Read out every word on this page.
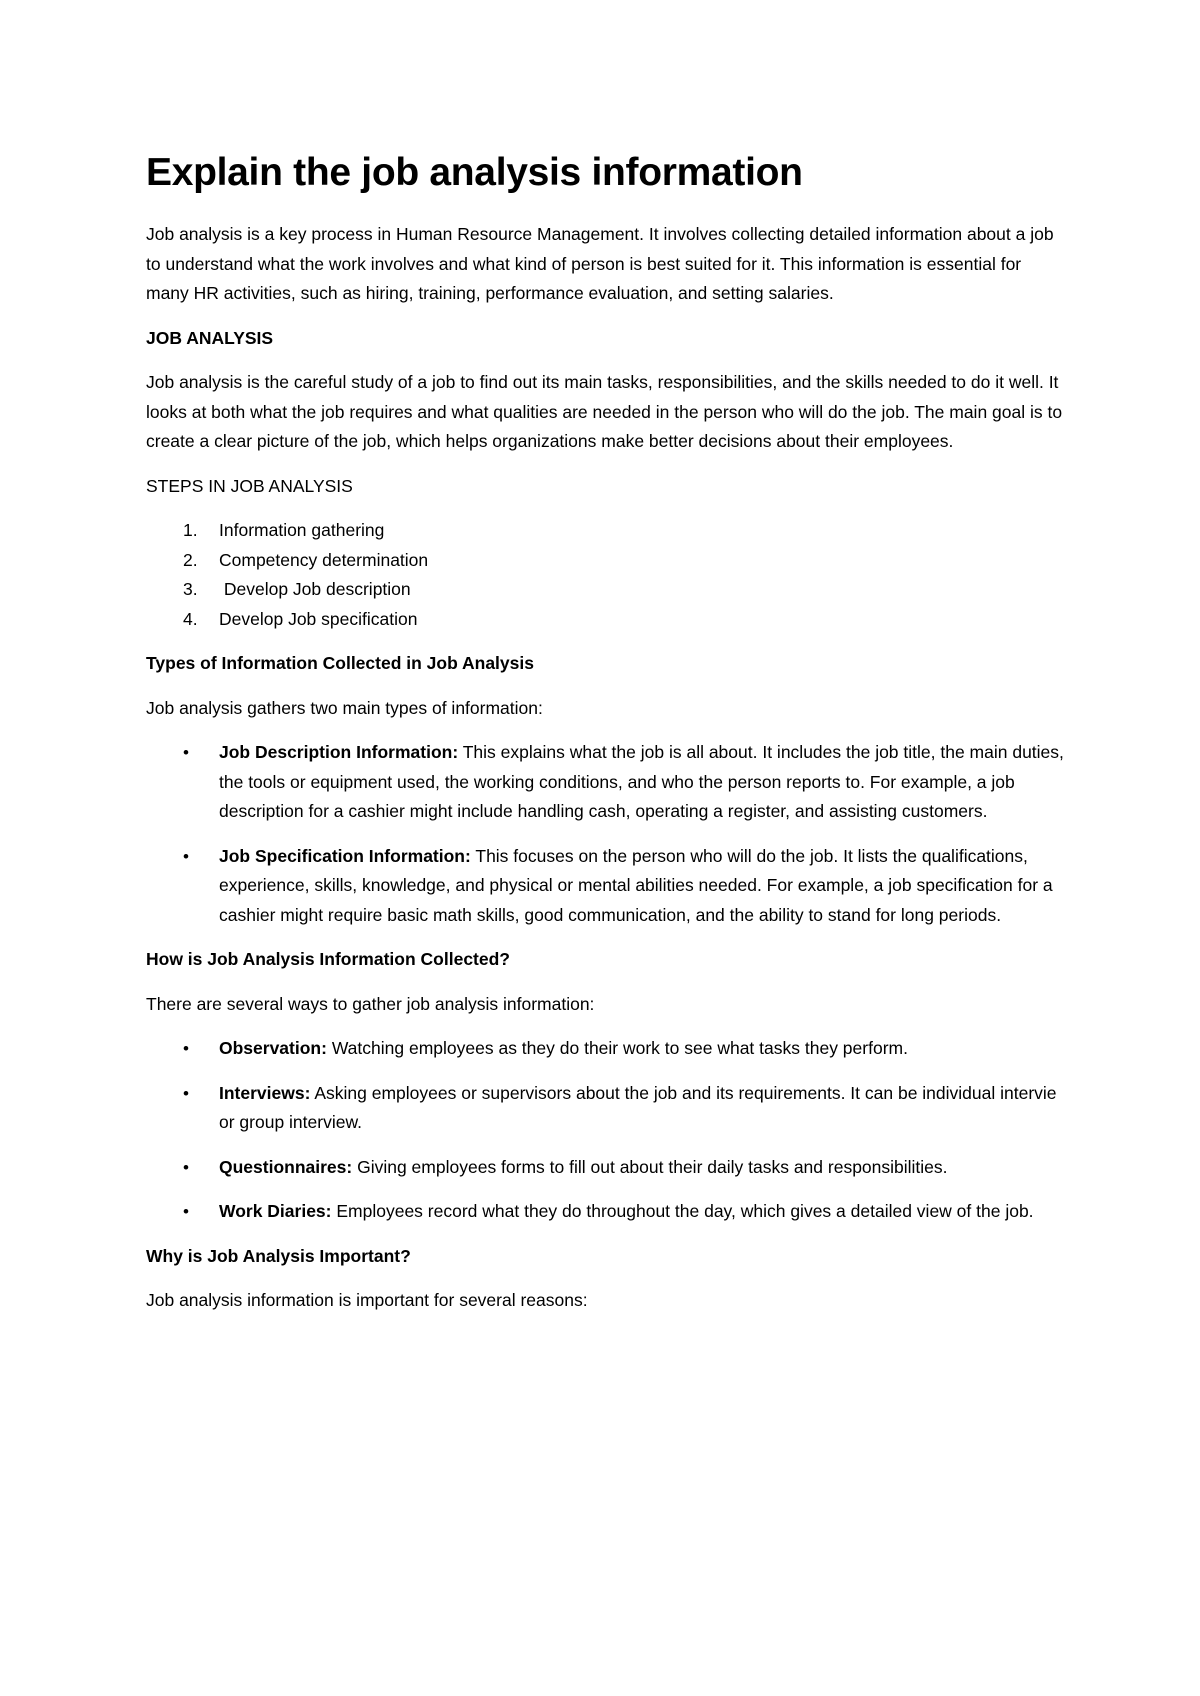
Explain the job analysis information

Job analysis is a key process in Human Resource Management. It involves collecting detailed information about a job to understand what the work involves and what kind of person is best suited for it. This information is essential for many HR activities, such as hiring, training, performance evaluation, and setting salaries.

JOB ANALYSIS

Job analysis is the careful study of a job to find out its main tasks, responsibilities, and the skills needed to do it well. It looks at both what the job requires and what qualities are needed in the person who will do the job. The main goal is to create a clear picture of the job, which helps organizations make better decisions about their employees.

STEPS IN JOB ANALYSIS
1. Information gathering
2. Competency determination
3. Develop Job description
4. Develop Job specification
Types of Information Collected in Job Analysis

Job analysis gathers two main types of information:

• Job Description Information: This explains what the job is all about. It includes the job title, the main duties, the tools or equipment used, the working conditions, and who the person reports to. For example, a job description for a cashier might include handling cash, operating a register, and assisting customers.
• Job Specification Information: This focuses on the person who will do the job. It lists the qualifications, experience, skills, knowledge, and physical or mental abilities needed. For example, a job specification for a cashier might require basic math skills, good communication, and the ability to stand for long periods.
How is Job Analysis Information Collected?

There are several ways to gather job analysis information:

• Observation: Watching employees as they do their work to see what tasks they perform.
• Interviews: Asking employees or supervisors about the job and its requirements. It can be individual intervie or group interview.
• Questionnaires: Giving employees forms to fill out about their daily tasks and responsibilities.
• Work Diaries: Employees record what they do throughout the day, which gives a detailed view of the job.
Why is Job Analysis Important?

Job analysis information is important for several reasons:
